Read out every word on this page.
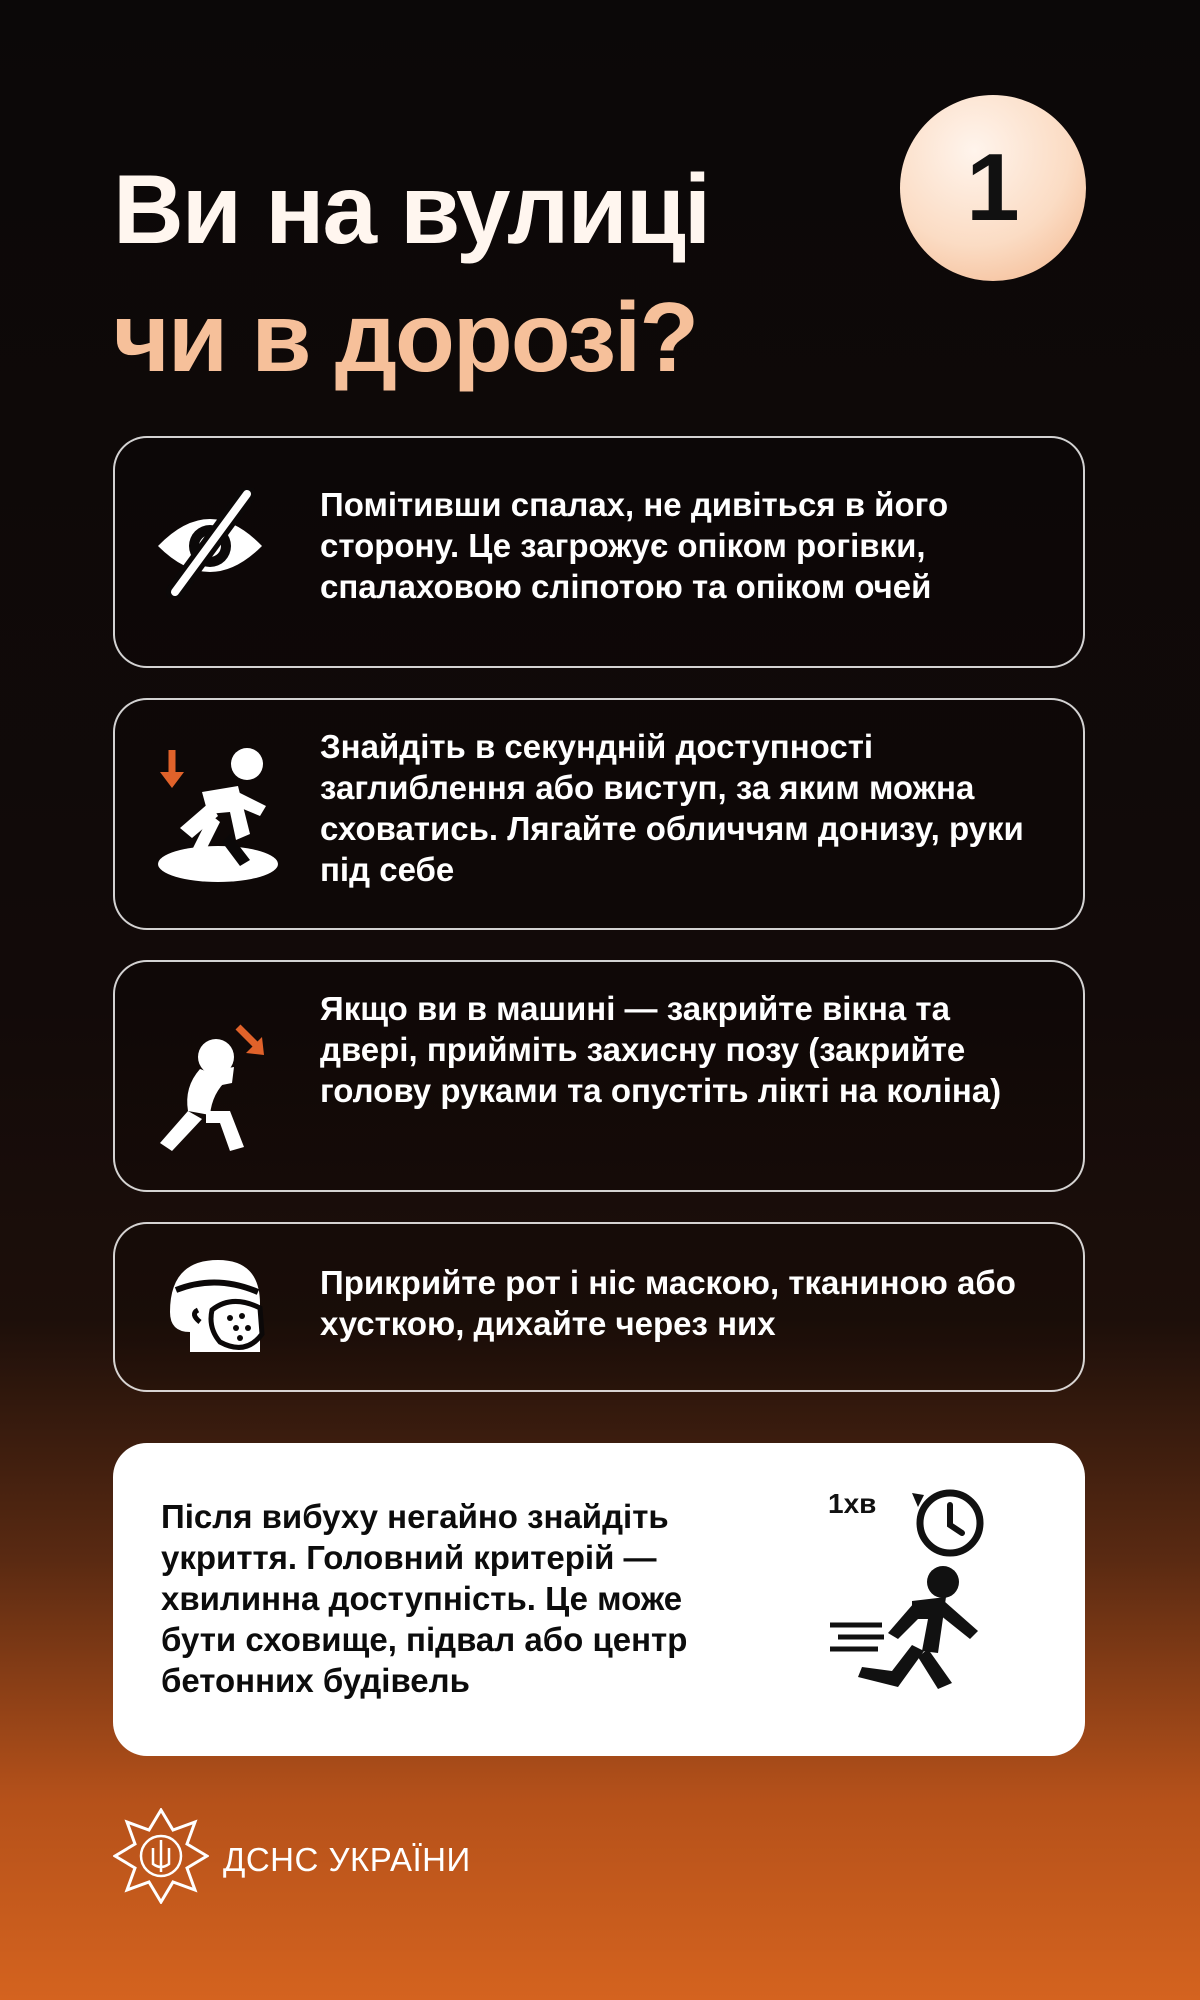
Ви на вулиці
чи в дорозі?
1

Помітивши спалах, не дивіться в його сторону. Це загрожує опіком рогівки, спалаховою сліпотою та опіком очей

Знайдіть в секундній доступності заглиблення або виступ, за яким можна сховатись. Лягайте обличчям донизу, руки під себе

Якщо ви в машині — закрийте вікна та двері, прийміть захисну позу (закрийте голову руками та опустіть лікті на коліна)

Прикрийте рот і ніс маскою, тканиною або хусткою, дихайте через них

Після вибуху негайно знайдіть укриття. Головний критерій — хвилинна доступність. Це може бути сховище, підвал або центр бетонних будівель

1хв
ДСНС УКРАЇНИ
